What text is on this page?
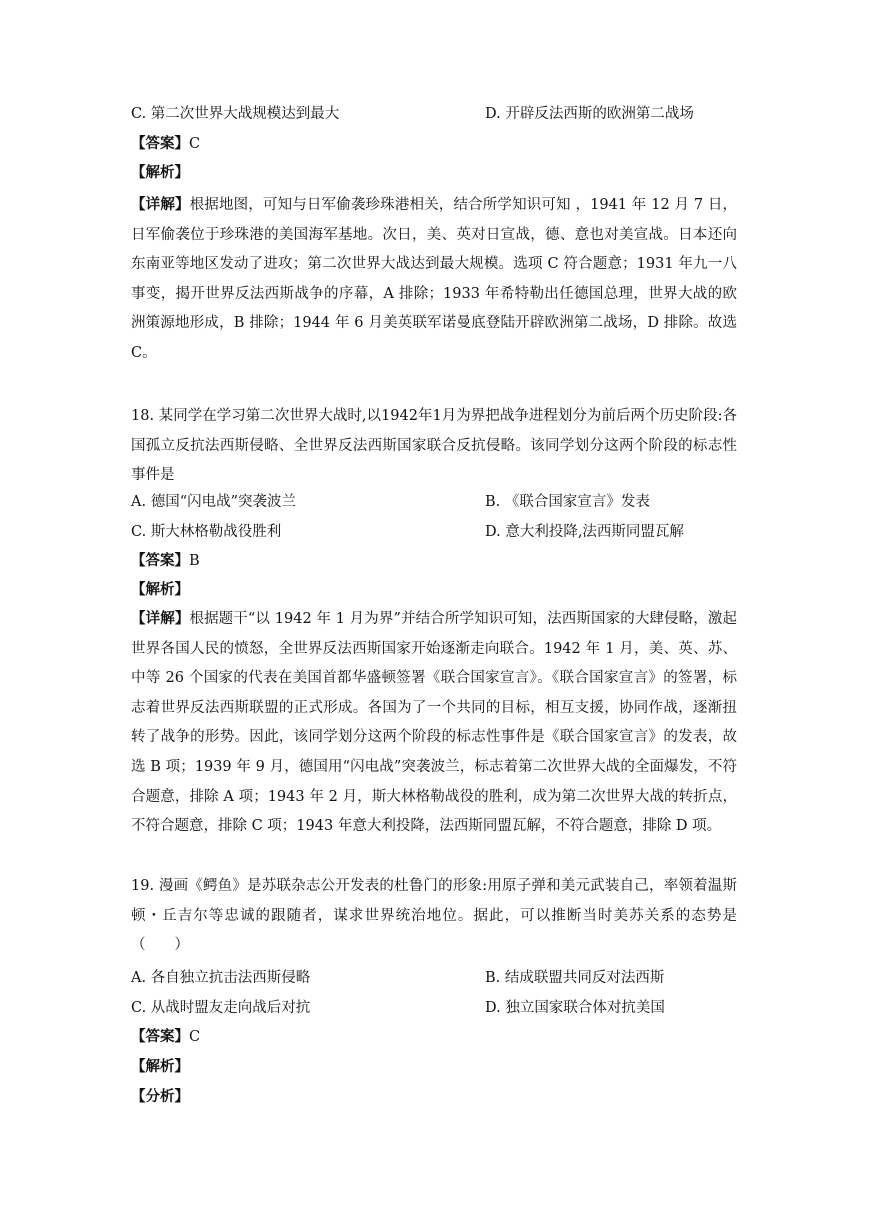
C. 第二次世界大战规模达到最大	D. 开辟反法西斯的欧洲第二战场
【答案】C
【解析】
【详解】根据地图，可知与日军偷袭珍珠港相关，结合所学知识可知 ，1941 年 12 月 7 日，日军偷袭位于珍珠港的美国海军基地。次日，美、英对日宣战，德、意也对美宣战。日本还向东南亚等地区发动了进攻；第二次世界大战达到最大规模。选项 C 符合题意；1931 年九一八事变，揭开世界反法西斯战争的序幕，A 排除；1933 年希特勒出任德国总理，世界大战的欧洲策源地形成，B 排除；1944 年 6 月美英联军诺曼底登陆开辟欧洲第二战场，D 排除。故选 C。
18. 某同学在学习第二次世界大战时,以1942年1月为界把战争进程划分为前后两个历史阶段:各国孤立反抗法西斯侵略、全世界反法西斯国家联合反抗侵略。该同学划分这两个阶段的标志性事件是
A. 德国“闪电战”突袭波兰	B. 《联合国家宣言》发表
C. 斯大林格勒战役胜利	D. 意大利投降,法西斯同盟瓦解
【答案】B
【解析】
【详解】根据题干“以 1942 年 1 月为界”并结合所学知识可知，法西斯国家的大肆侵略，激起世界各国人民的愤怒，全世界反法西斯国家开始逐渐走向联合。1942 年 1 月，美、英、苏、中等 26 个国家的代表在美国首都华盛顿签署《联合国家宣言》。《联合国家宣言》的签署，标志着世界反法西斯联盟的正式形成。各国为了一个共同的目标，相互支援，协同作战，逐渐扭转了战争的形势。因此，该同学划分这两个阶段的标志性事件是《联合国家宣言》的发表，故选 B 项；1939 年 9 月，德国用“闪电战”突袭波兰，标志着第二次世界大战的全面爆发，不符合题意，排除 A 项；1943 年 2 月，斯大林格勒战役的胜利，成为第二次世界大战的转折点，不符合题意，排除 C 项；1943 年意大利投降，法西斯同盟瓦解，不符合题意，排除 D 项。
19. 漫画《鳄鱼》是苏联杂志公开发表的杜鲁门的形象:用原子弹和美元武装自己，率领着温斯顿・丘吉尔等忠诚的跟随者，谋求世界统治地位。据此，可以推断当时美苏关系的态势是（　　）
A. 各自独立抗击法西斯侵略	B. 结成联盟共同反对法西斯
C. 从战时盟友走向战后对抗	D. 独立国家联合体对抗美国
【答案】C
【解析】
【分析】
